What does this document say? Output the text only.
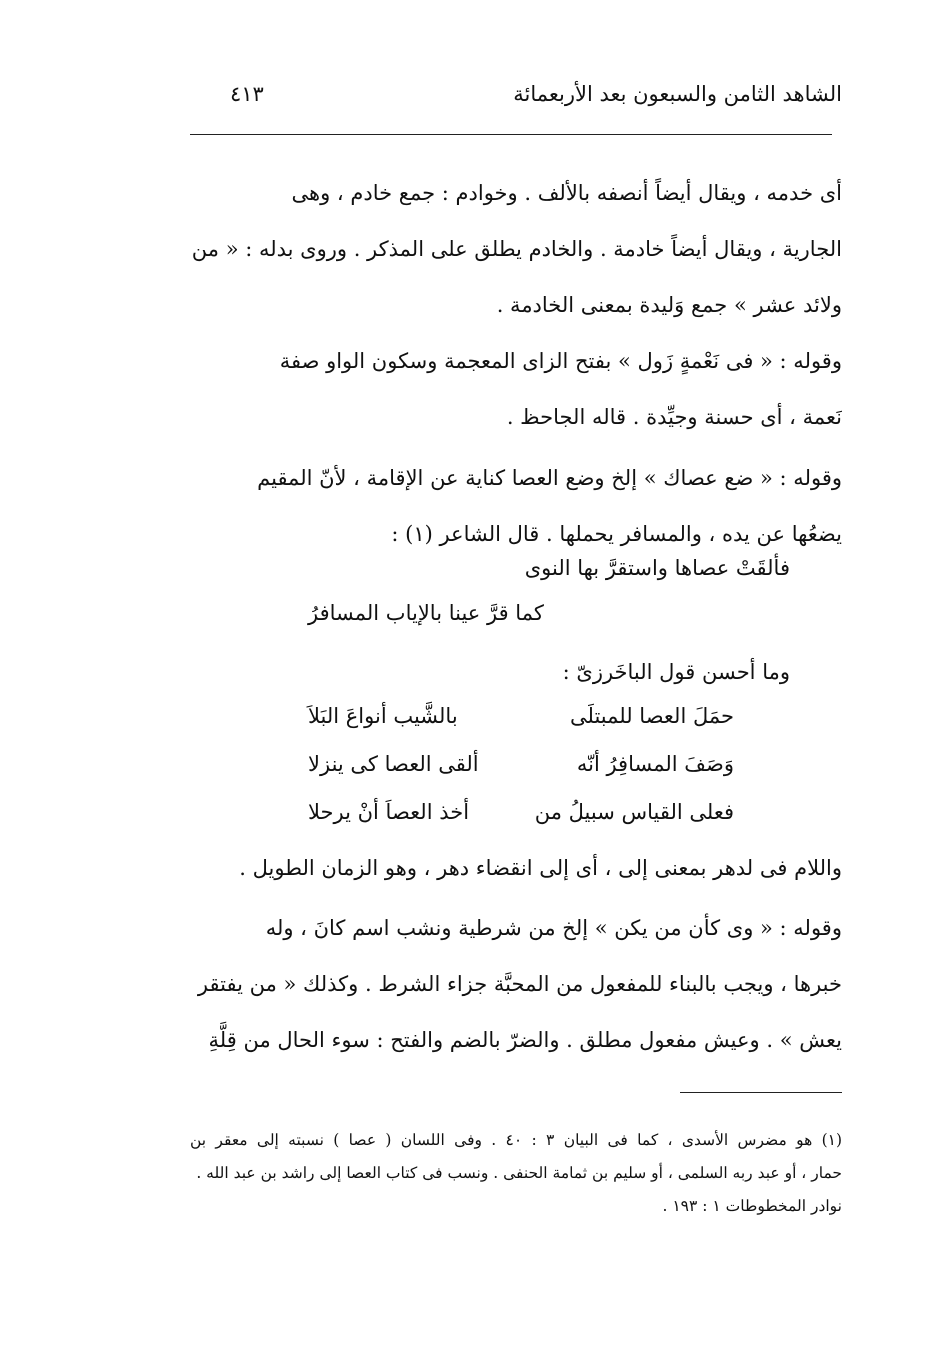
الشاهد الثامن والسبعون بعد الأربعمائة
٤١٣
أى خدمه ، ويقال أيضاً أنصفه بالألف . وخوادم : جمع خادم ، وهى
الجارية ، ويقال أيضاً خادمة . والخادم يطلق على المذكر . وروى بدله : « من
ولائد عشر » جمع وَليدة بمعنى الخادمة .
وقوله : « فى نَعْمةٍ زَول » بفتح الزاى المعجمة وسكون الواو صفة
نَعمة ، أى حسنة وجيِّدة . قاله الجاحظ .
وقوله : « ضع عصاك » إلخ وضع العصا كناية عن الإقامة ، لأنّ المقيم
يضعُها عن يده ، والمسافر يحملها . قال الشاعر (١) :
فألقَتْ عصاها واستقرَّ بها النوى
كما قرَّ عينا بالإياب المسافرُ
وما أحسن قول الباخَرزىّ :
حمَلَ العصا للمبتلَى
بالشَّيب أنواعَ البَلاَ
وَصَفَ المسافِرُ أنّه
ألقى العصا كى ينزلا
فعلى القياس سبيلُ من
أخذ العصاَ أنْ يرحلا
واللام فى لدهر بمعنى إلى ، أى إلى انقضاء دهر ، وهو الزمان الطويل .
وقوله : « وى كأن من يكن » إلخ من شرطية ونشب اسم كانَ ، وله
خبرها ، ويجب بالبناء للمفعول من المحبَّة جزاء الشرط . وكذلك « من يفتقر
يعش » . وعيش مفعول مطلق . والضرّ بالضم والفتح : سوء الحال من قِلَّةِ
(١) هو مضرس الأسدى ، كما فى البيان ٣ : ٤٠ . وفى اللسان ( عصا ) نسبته إلى معقر بن
حمار ، أو عبد ربه السلمى ، أو سليم بن ثمامة الحنفى . ونسب فى كتاب العصا إلى راشد بن عبد الله .
نوادر المخطوطات ١ : ١٩٣ .
